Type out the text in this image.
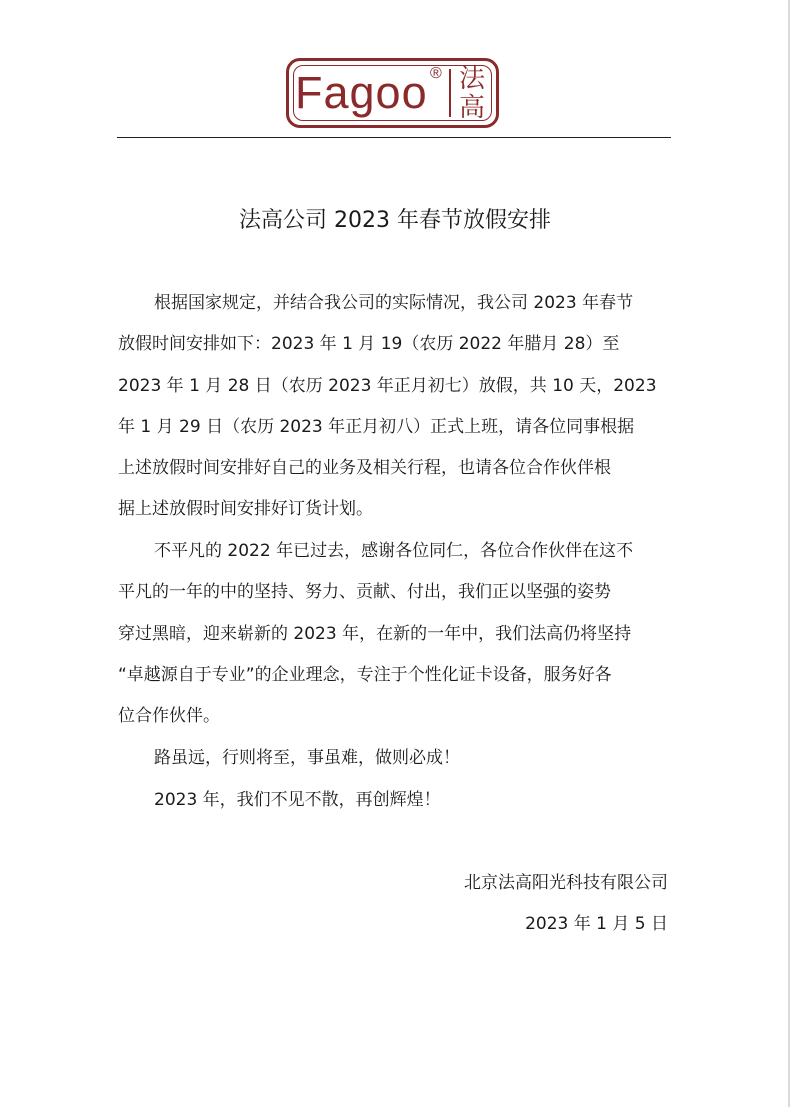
Fagoo ® 法
高
法高公司 2023 年春节放假安排
根据国家规定，并结合我公司的实际情况，我公司 2023 年春节
放假时间安排如下：2023 年 1 月 19（农历 2022 年腊月 28）至
2023 年 1 月 28 日（农历 2023 年正月初七）放假，共 10 天，2023
年 1 月 29 日（农历 2023 年正月初八）正式上班，请各位同事根据
上述放假时间安排好自己的业务及相关行程，也请各位合作伙伴根
据上述放假时间安排好订货计划。
不平凡的 2022 年已过去，感谢各位同仁，各位合作伙伴在这不
平凡的一年的中的坚持、努力、贡献、付出，我们正以坚强的姿势
穿过黑暗，迎来崭新的 2023 年，在新的一年中，我们法高仍将坚持
“卓越源自于专业”的企业理念，专注于个性化证卡设备，服务好各
位合作伙伴。
路虽远，行则将至，事虽难，做则必成！
2023 年，我们不见不散，再创辉煌！
北京法高阳光科技有限公司
2023 年 1 月 5 日
